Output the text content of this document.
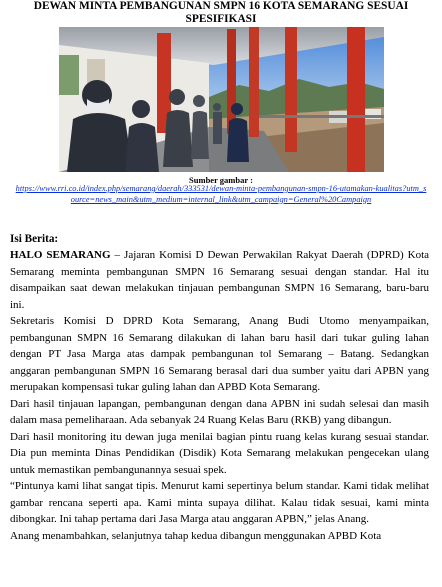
DEWAN MINTA PEMBANGUNAN SMPN 16 KOTA SEMARANG SESUAI SPESIFIKASI
Sumber gambar :
https://www.rri.co.id/index.php/semarang/daerah/333531/dewan-minta-pembangunan-smpn-16-utamakan-kualitas?utm_source=news_main&utm_medium=internal_link&utm_campaign=General%20Campaign
Isi Berita:

HALO SEMARANG – Jajaran Komisi D Dewan Perwakilan Rakyat Daerah (DPRD) Kota Semarang meminta pembangunan SMPN 16 Semarang sesuai dengan standar. Hal itu disampaikan saat dewan melakukan tinjauan pembangunan SMPN 16 Semarang, baru-baru ini.

Sekretaris Komisi D DPRD Kota Semarang, Anang Budi Utomo menyampaikan, pembangunan SMPN 16 Semarang dilakukan di lahan baru hasil dari tukar guling lahan dengan PT Jasa Marga atas dampak pembangunan tol Semarang – Batang. Sedangkan anggaran pembangunan SMPN 16 Semarang berasal dari dua sumber yaitu dari APBN yang merupakan kompensasi tukar guling lahan dan APBD Kota Semarang.

Dari hasil tinjauan lapangan, pembangunan dengan dana APBN ini sudah selesai dan masih dalam masa pemeliharaan. Ada sebanyak 24 Ruang Kelas Baru (RKB) yang dibangun.

Dari hasil monitoring itu dewan juga menilai bagian pintu ruang kelas kurang sesuai standar. Dia pun meminta Dinas Pendidikan (Disdik) Kota Semarang melakukan pengecekan ulang untuk memastikan pembangunannya sesuai spek.

“Pintunya kami lihat sangat tipis. Menurut kami sepertinya belum standar. Kami tidak melihat gambar rencana seperti apa. Kami minta supaya dilihat. Kalau tidak sesuai, kami minta dibongkar. Ini tahap pertama dari Jasa Marga atau anggaran APBN,” jelas Anang.

Anang menambahkan, selanjutnya tahap kedua dibangun menggunakan APBD Kota
